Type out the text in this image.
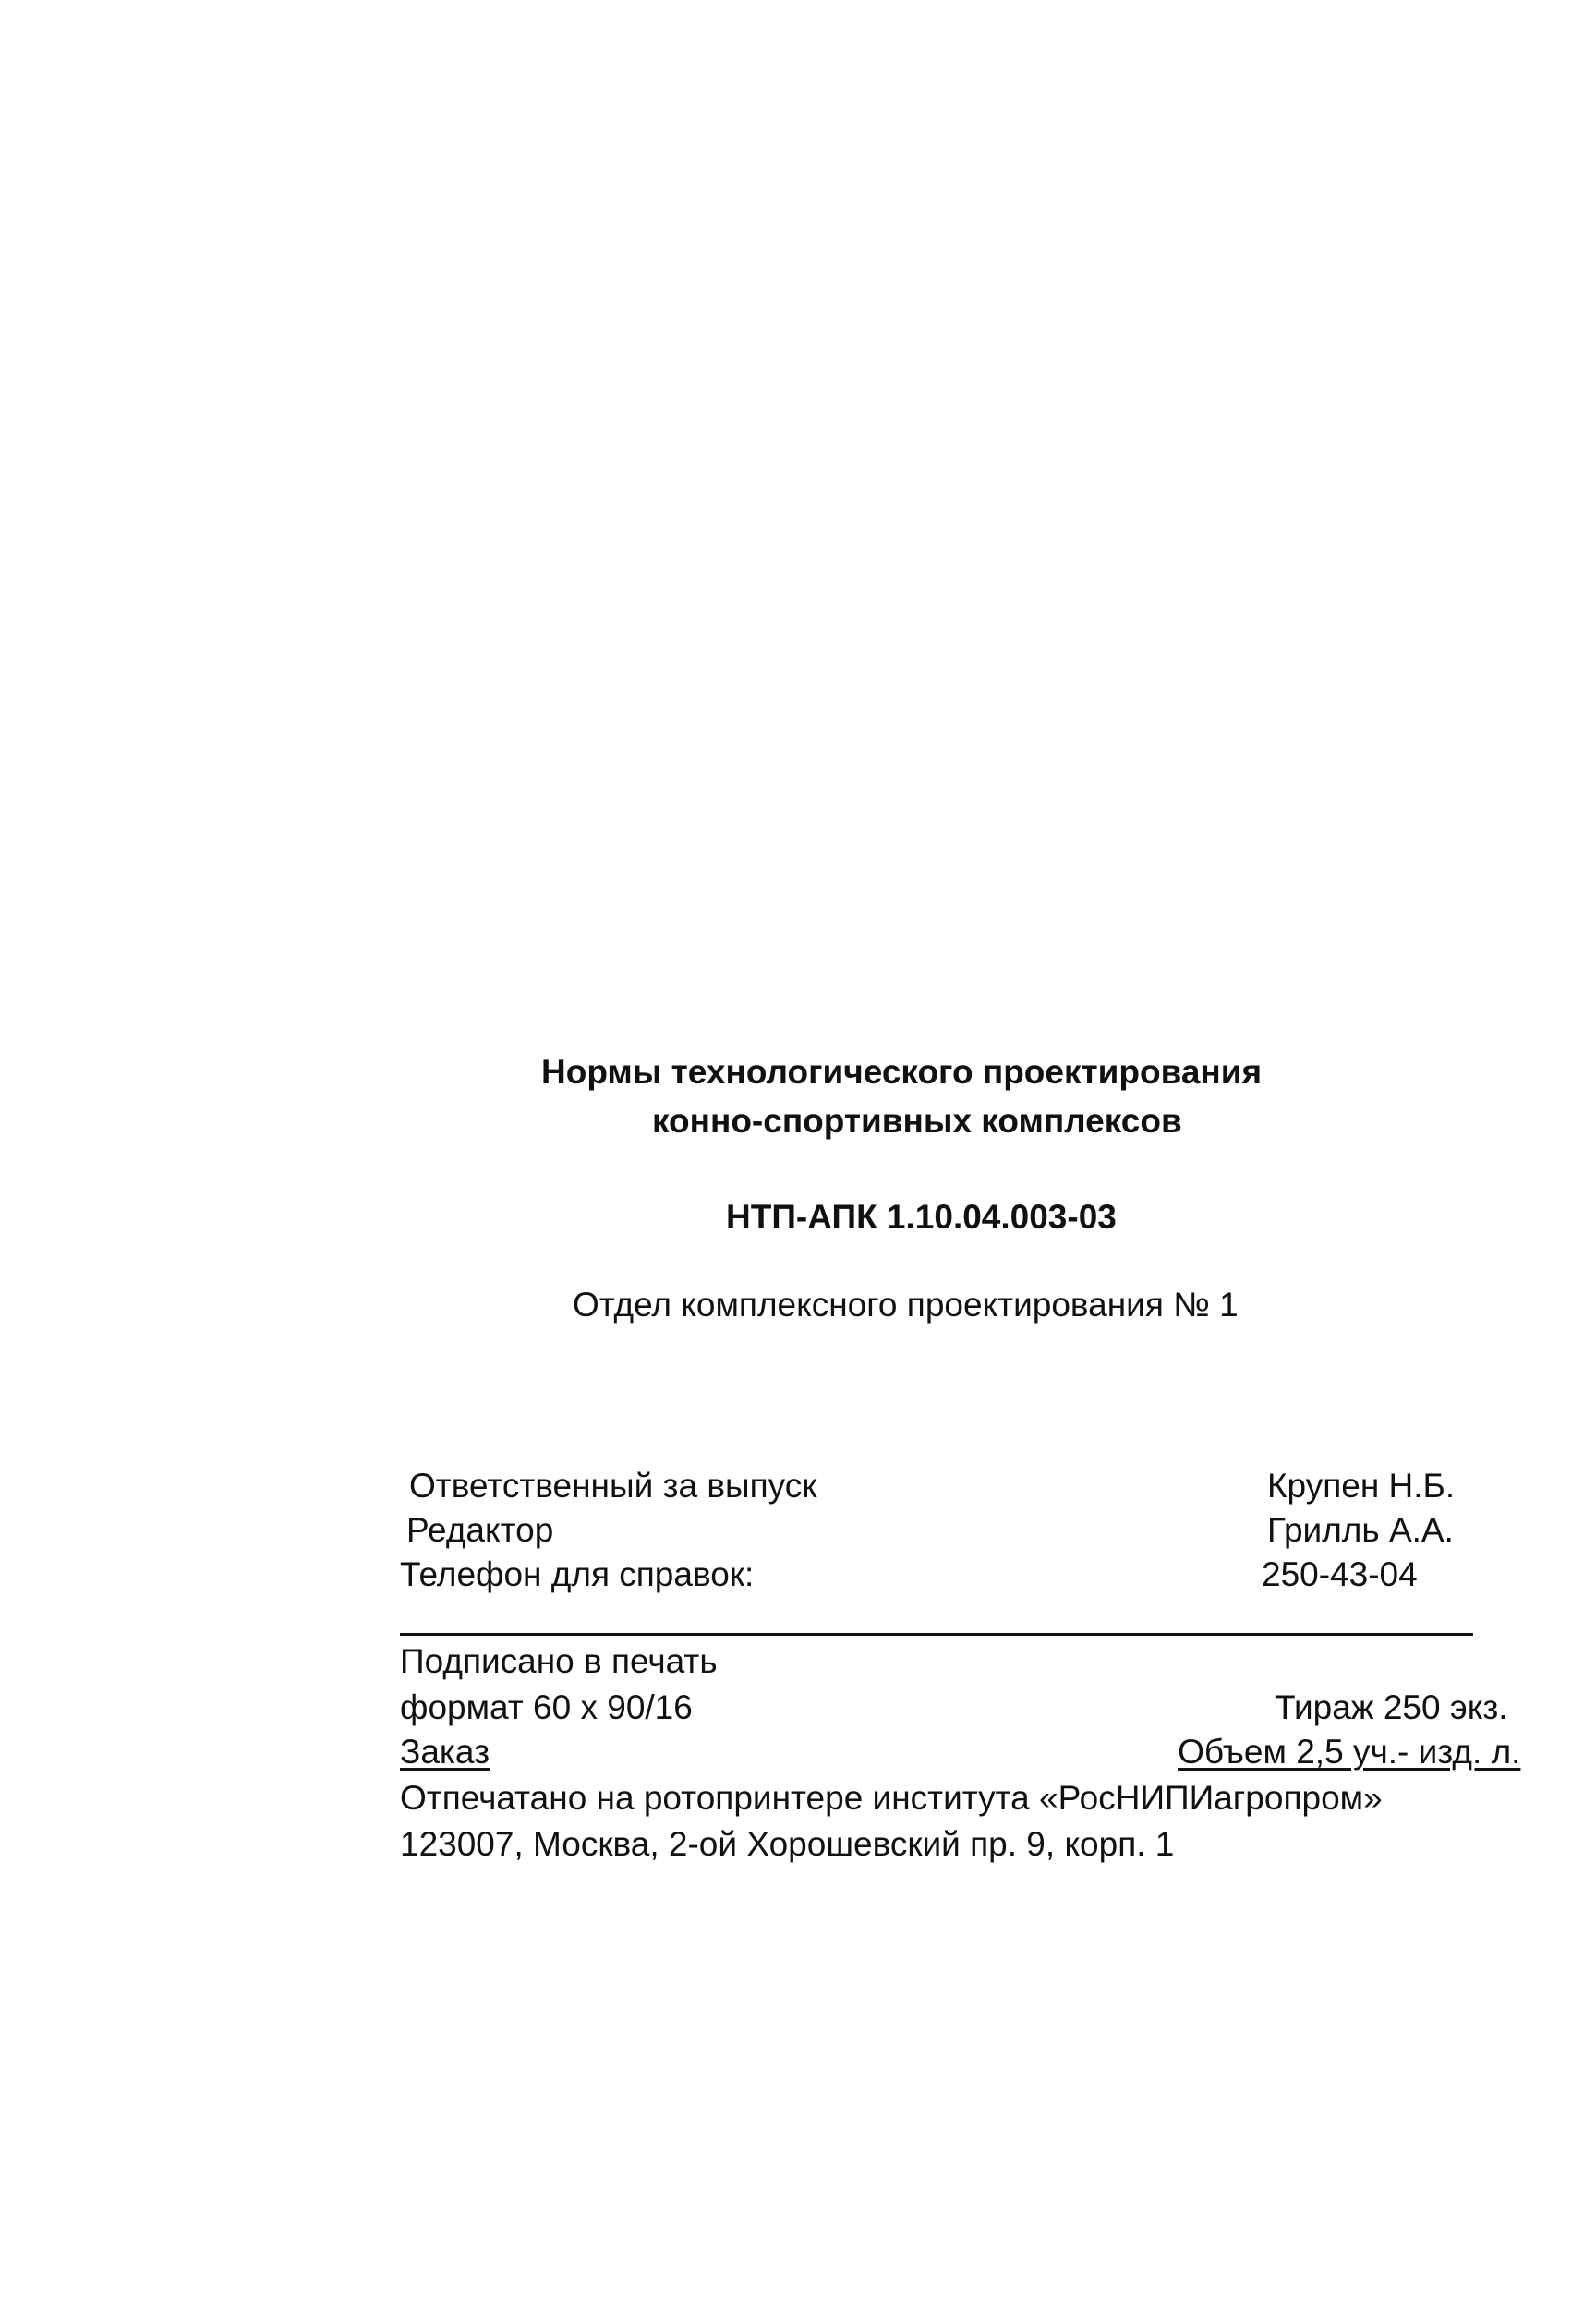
Нормы технологического проектирования
конно-спортивных комплексов
НТП-АПК 1.10.04.003-03
Отдел комплексного проектирования № 1
Ответственный за выпуск	Крупен Н.Б.
Редактор	Грилль А.А.
Телефон для справок:	250-43-04
Подписано в печать
формат 60 х 90/16	Тираж 250 экз.
Заказ	Объем 2,5 уч.- изд. л.
Отпечатано на ротопринтере института «РосНИПИагропром»
123007, Москва, 2-ой Хорошевский пр. 9, корп. 1
